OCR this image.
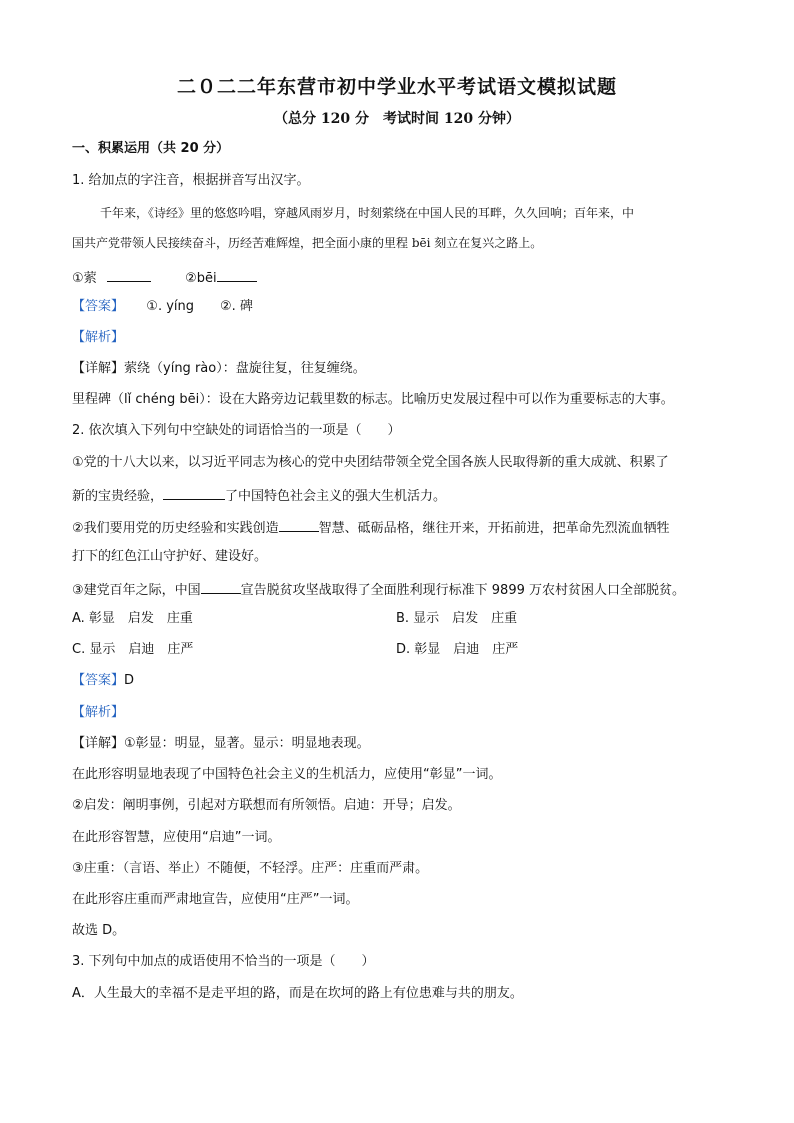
二０二二年东营市初中学业水平考试语文模拟试题
（总分 120 分　考试时间 120 分钟）
一、积累运用（共 20 分）
1. 给加点的字注音，根据拼音写出汉字。
千年来，《诗经》里的悠悠吟唱，穿越风雨岁月，时刻萦绕在中国人民的耳畔，久久回响；百年来，中
国共产党带领人民接续奋斗，历经苦难辉煌，把全面小康的里程 bēi 刻立在复兴之路上。
①萦	②bēi
【答案】 ①. yíng　　②. 碑
【解析】
【详解】萦绕（yíng rào）：盘旋往复，往复缠绕。
里程碑（lǐ chéng bēi）：设在大路旁边记载里数的标志。比喻历史发展过程中可以作为重要标志的大事。
2. 依次填入下列句中空缺处的词语恰当的一项是（　　）
①党的十八大以来，以习近平同志为核心的党中央团结带领全党全国各族人民取得新的重大成就、积累了
新的宝贵经验，	了中国特色社会主义的强大生机活力。
②我们要用党的历史经验和实践创造	智慧、砥砺品格，继往开来，开拓前进，把革命先烈流血牺牲
打下的红色江山守护好、建设好。
③建党百年之际，中国	宣告脱贫攻坚战取得了全面胜利现行标准下 9899 万农村贫困人口全部脱贫。
A. 彰显　启发　庄重	B. 显示　启发　庄重
C. 显示　启迪　庄严	D. 彰显　启迪　庄严
【答案】D
【解析】
【详解】①彰显：明显，显著。显示：明显地表现。
在此形容明显地表现了中国特色社会主义的生机活力，应使用“彰显”一词。
②启发：阐明事例，引起对方联想而有所领悟。启迪：开导；启发。
在此形容智慧，应使用“启迪”一词。
③庄重：（言语、举止）不随便，不轻浮。庄严：庄重而严肃。
在此形容庄重而严肃地宣告，应使用“庄严”一词。
故选 D。
3. 下列句中加点的成语使用不恰当的一项是（　　）
A．人生最大的幸福不是走平坦的路，而是在坎坷的路上有位患难与共的朋友。
